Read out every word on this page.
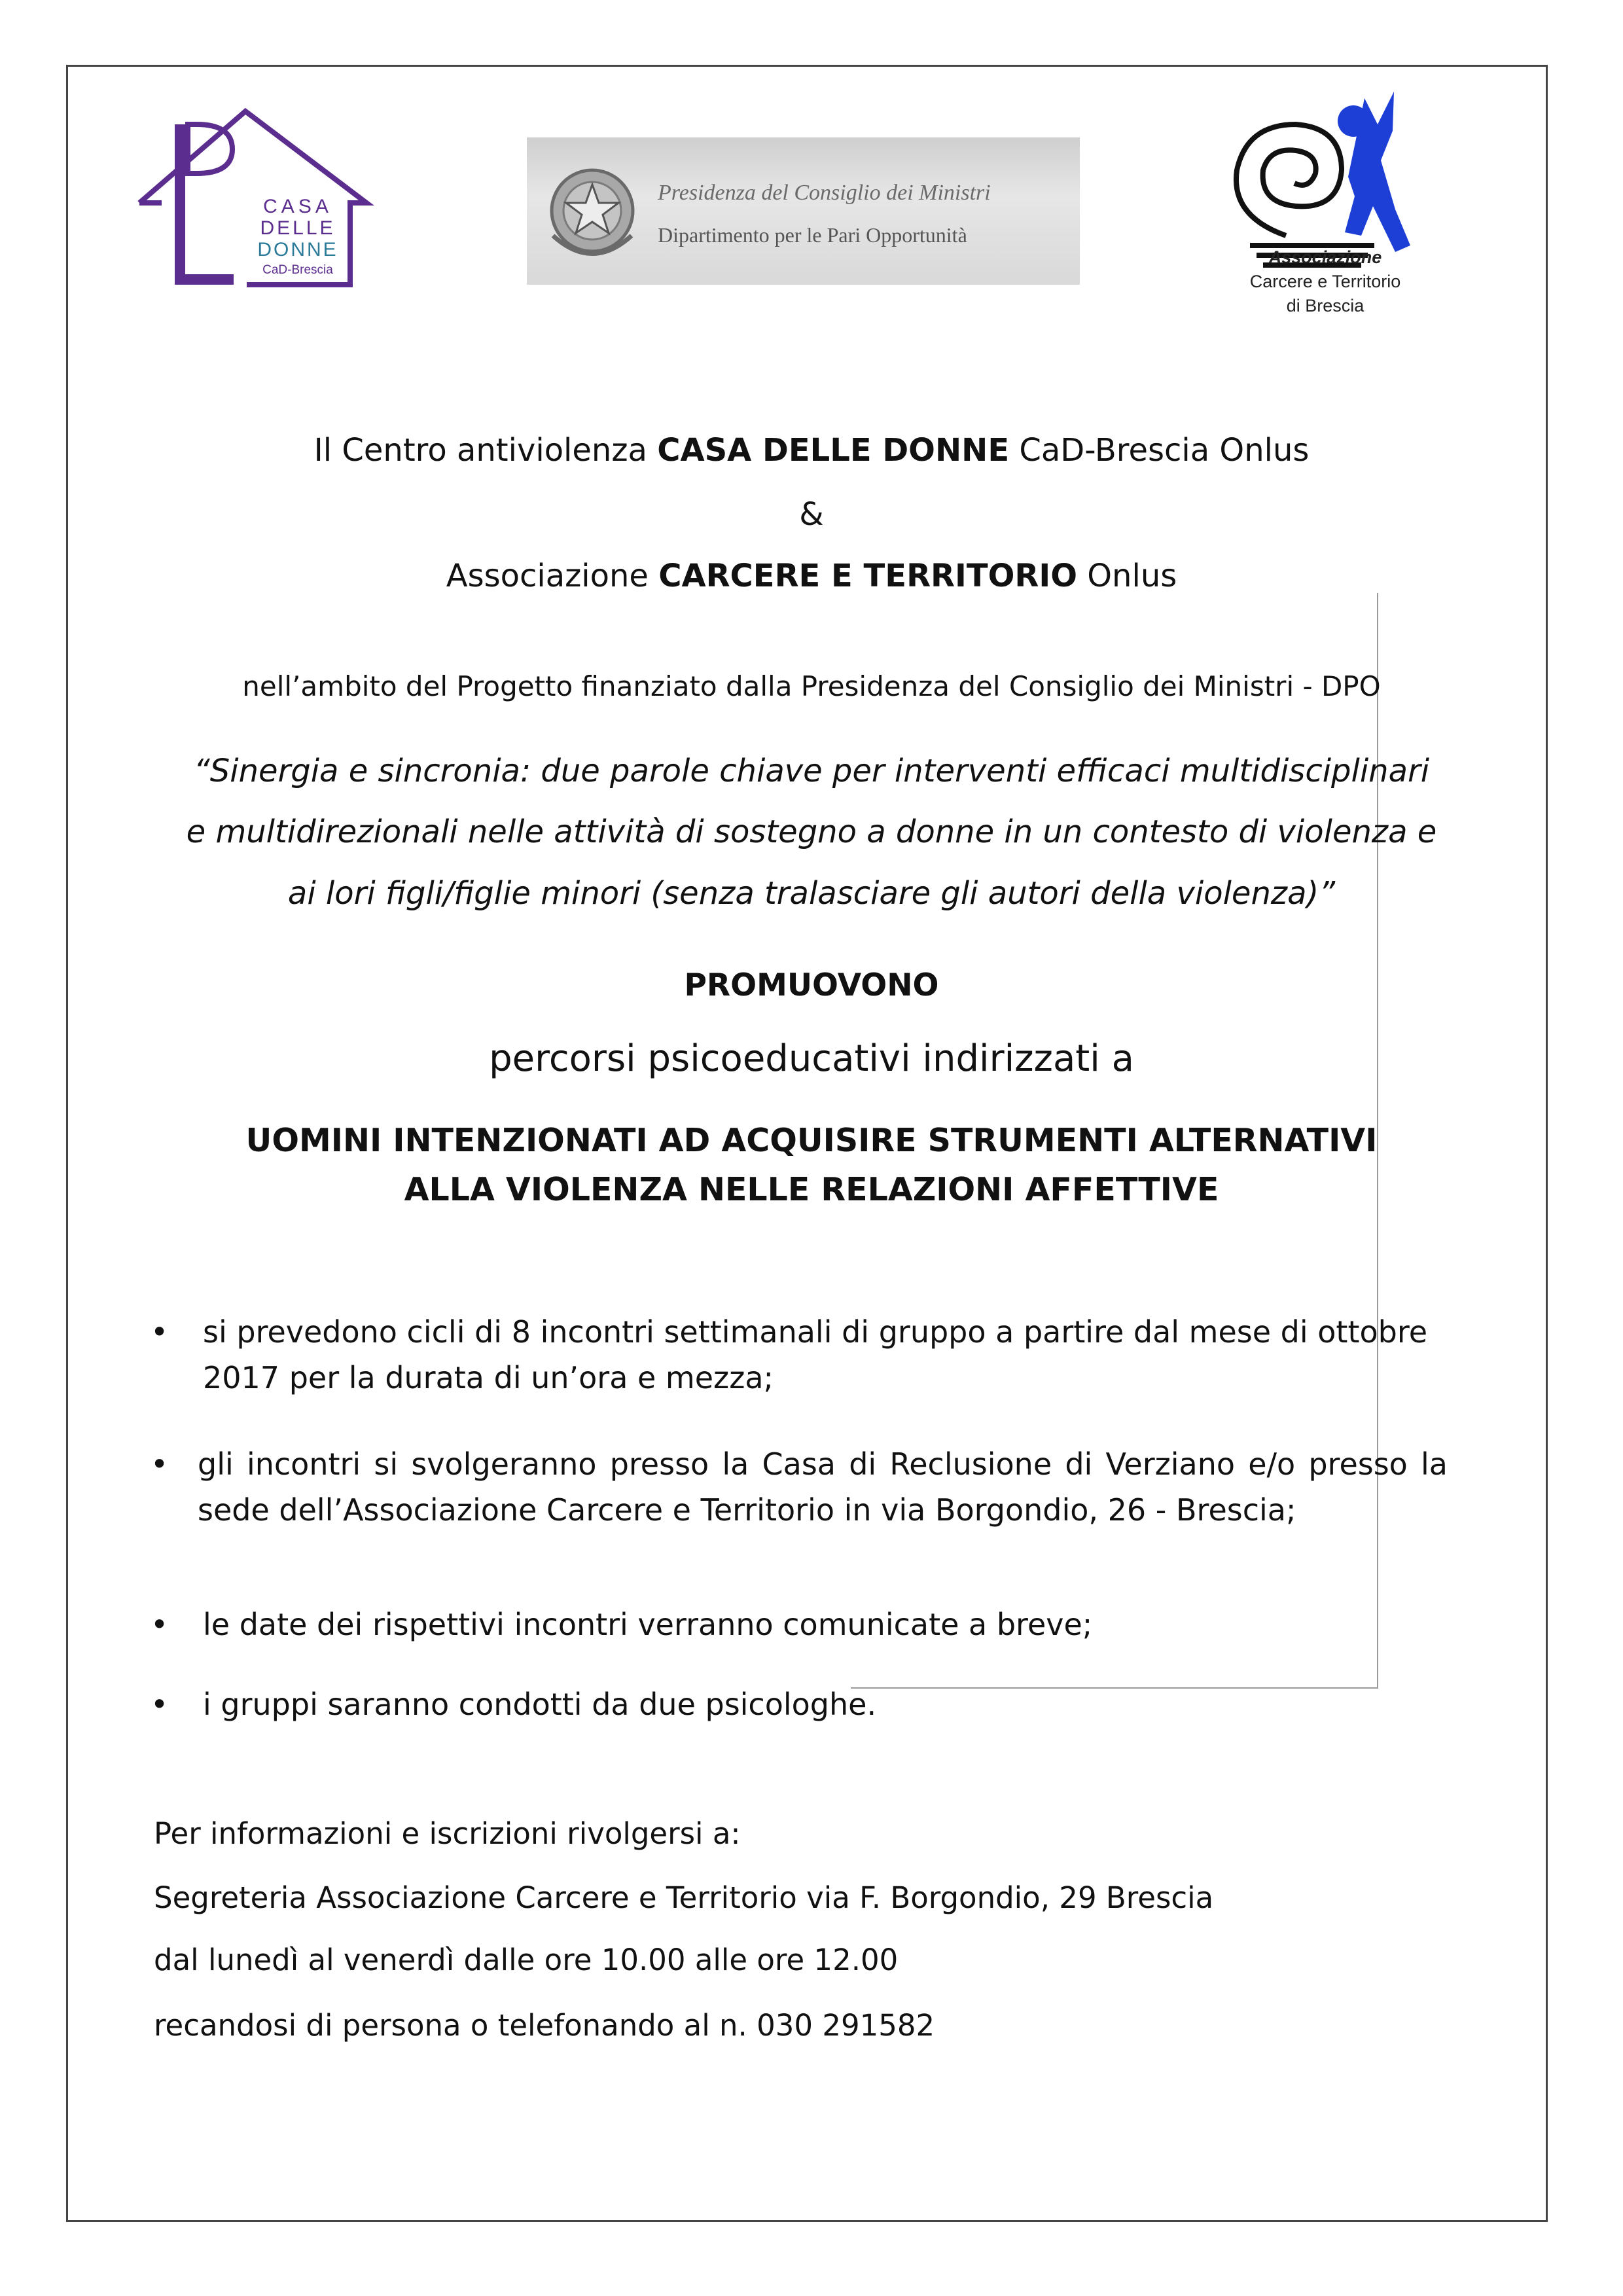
CASA
DELLE
DONNE
CaD-Brescia
Presidenza del Consiglio dei Ministri
Dipartimento per le Pari Opportunità
Associazione
Carcere e Territorio
di Brescia
Il Centro antiviolenza CASA DELLE DONNE CaD-Brescia Onlus
&
Associazione CARCERE E TERRITORIO Onlus
nell’ambito del Progetto finanziato dalla Presidenza del Consiglio dei Ministri - DPO
“Sinergia e sincronia: due parole chiave per interventi efficaci multidisciplinari
e multidirezionali nelle attività di sostegno a donne in un contesto di violenza e
ai lori figli/figlie minori (senza tralasciare gli autori della violenza)”
PROMUOVONO
percorsi psicoeducativi indirizzati a
UOMINI INTENZIONATI AD ACQUISIRE STRUMENTI ALTERNATIVI
ALLA VIOLENZA NELLE RELAZIONI AFFETTIVE
•	si prevedono cicli di 8 incontri settimanali di gruppo a partire dal mese di ottobre 2017 per la durata di un’ora e mezza;
• gli incontri si svolgeranno presso la Casa di Reclusione di Verziano e/o presso la sede dell’Associazione Carcere e Territorio in via Borgondio, 26 - Brescia;
•	le date dei rispettivi incontri verranno comunicate a breve;
•	i gruppi saranno condotti da due psicologhe.
Per informazioni e iscrizioni rivolgersi a:
Segreteria Associazione Carcere e Territorio via F. Borgondio, 29 Brescia
dal lunedì al venerdì dalle ore 10.00 alle ore 12.00
recandosi di persona o telefonando al n. 030 291582
